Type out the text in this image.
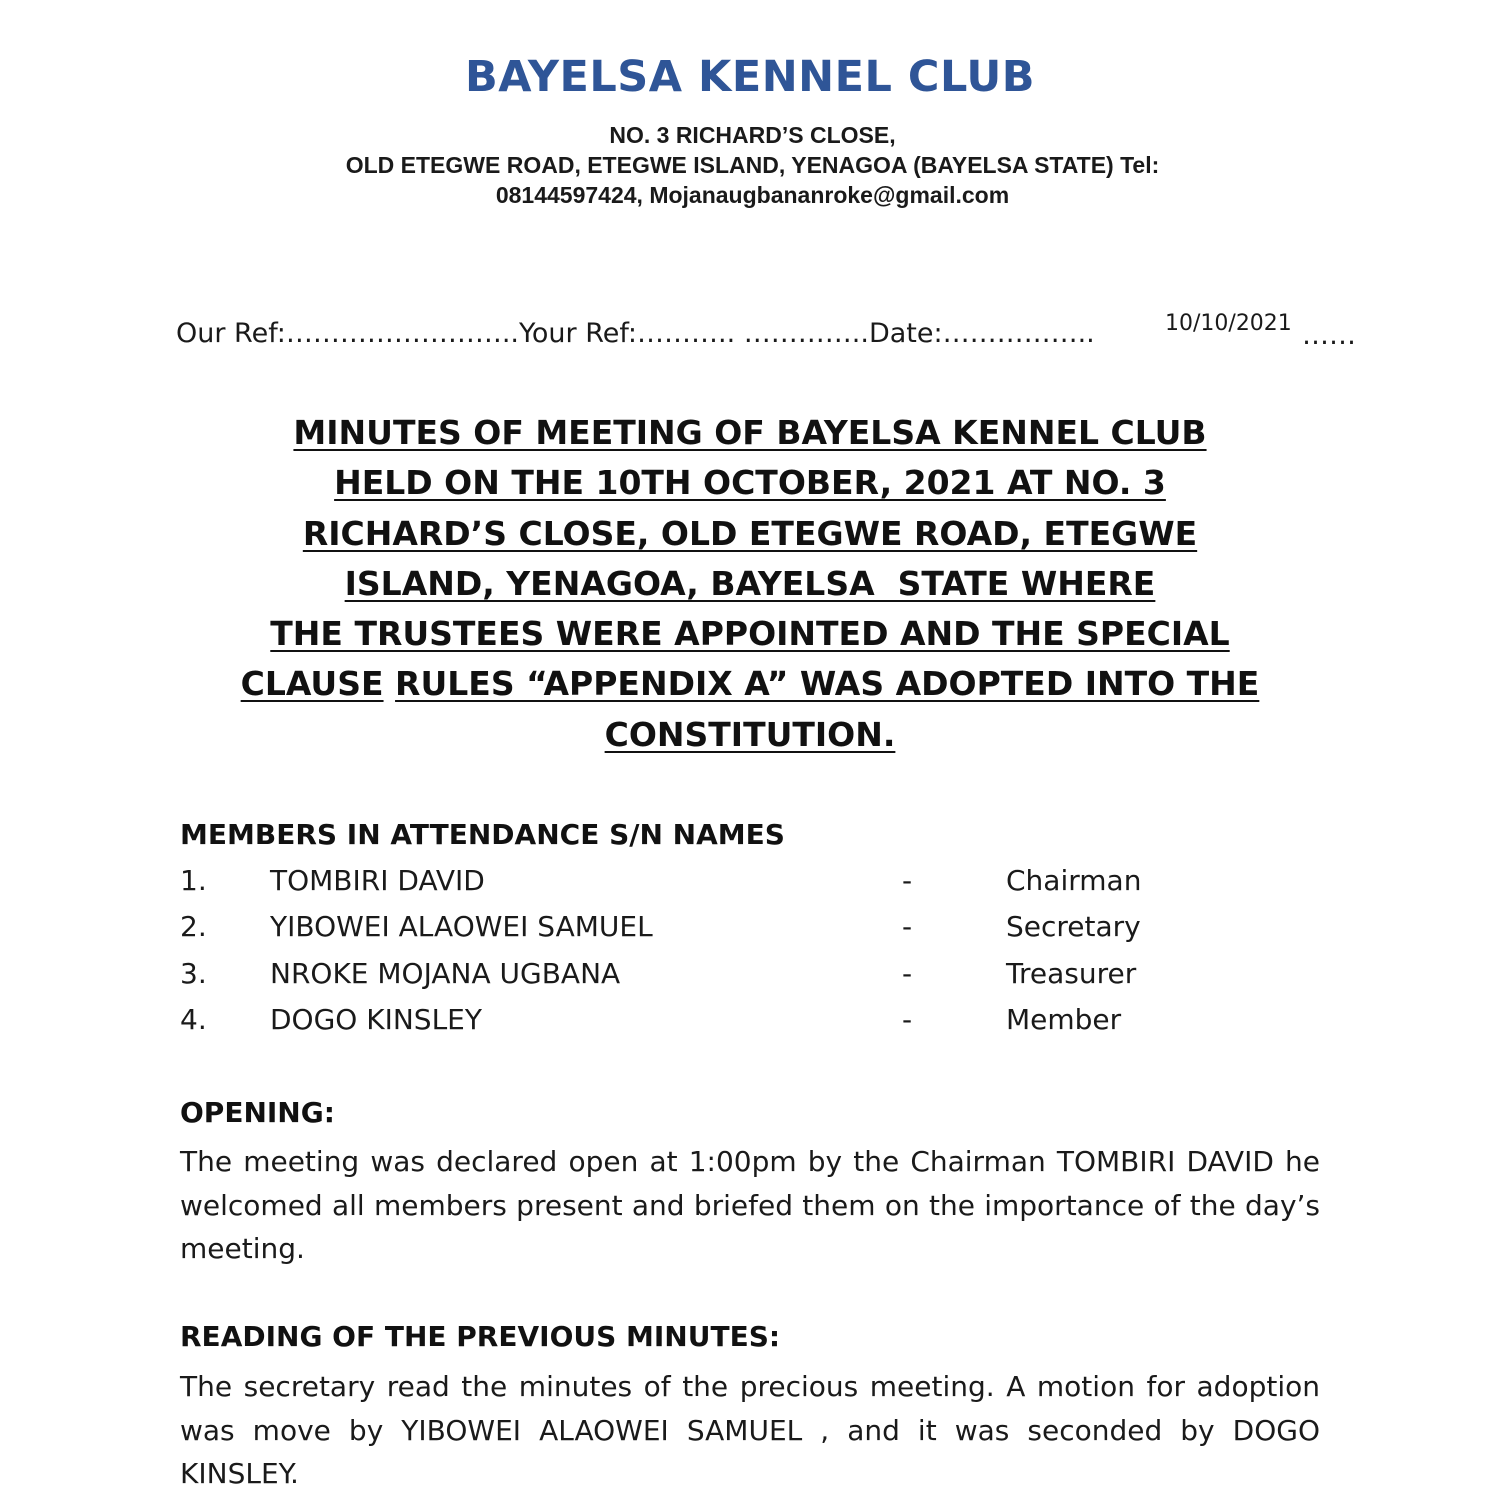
BAYELSA KENNEL CLUB
NO. 3 RICHARD’S CLOSE,
OLD ETEGWE ROAD, ETEGWE ISLAND, YENAGOA (BAYELSA STATE) Tel:
08144597424, Mojanaugbananroke@gmail.com
Our Ref:……………………..Your Ref:……….. …………..Date:……………..	……
10/10/2021
MINUTES OF MEETING OF BAYELSA KENNEL CLUB
HELD ON THE 10TH OCTOBER, 2021 AT NO. 3
RICHARD’S CLOSE, OLD ETEGWE ROAD, ETEGWE
ISLAND, YENAGOA, BAYELSA  STATE WHERE
THE TRUSTEES WERE APPOINTED AND THE SPECIAL
CLAUSE RULES “APPENDIX A” WAS ADOPTED INTO THE
CONSTITUTION.
MEMBERS IN ATTENDANCE S/N NAMES
1. TOMBIRI DAVID	-	Chairman
2. YIBOWEI ALAOWEI SAMUEL	-	Secretary
3. NROKE MOJANA UGBANA	-	Treasurer
4. DOGO KINSLEY	-	Member
OPENING:
The meeting was declared open at 1:00pm by the Chairman TOMBIRI DAVID he welcomed all members present and briefed them on the importance of the day’s meeting.
READING OF THE PREVIOUS MINUTES:
The secretary read the minutes of the precious meeting. A motion for adoption was move by YIBOWEI ALAOWEI SAMUEL , and it was seconded by DOGO KINSLEY.
